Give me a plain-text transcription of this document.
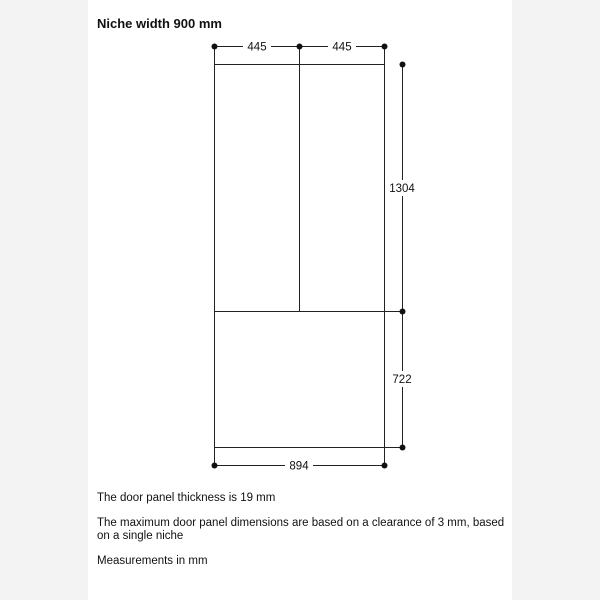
Niche width 900 mm
445	445
1304
722
894

The door panel thickness is 19 mm

The maximum door panel dimensions are based on a clearance of 3 mm, based on a single niche

Measurements in mm
